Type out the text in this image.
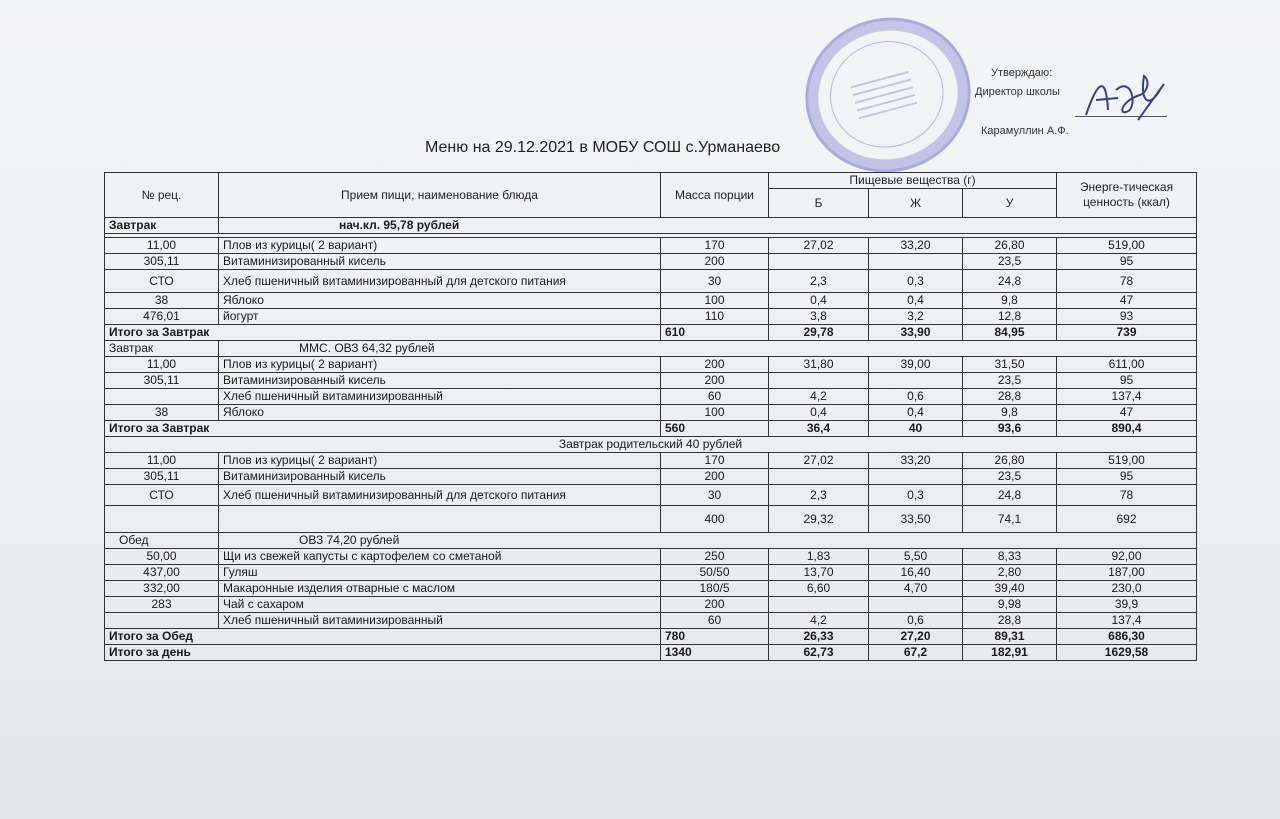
Утверждаю:
Директор школы
Карамуллин А.Ф.
Меню на 29.12.2021 в МОБУ СОШ с.Урманаево
№ рец.	Прием пищи, наименование блюда	Масса порции	Пищевые вещества (г)			Энерге-тическая ценность (ккал)
			Б	Ж	У	
Завтрак	нач.кл. 95,78 рублей					

11,00	Плов из курицы( 2 вариант)	170	27,02	33,20	26,80	519,00
305,11	Витаминизированный кисель	200			23,5	95
СТО	Хлеб пшеничный витаминизированный для детского питания	30	2,3	0,3	24,8	78
38	Яблоко	100	0,4	0,4	9,8	47
476,01	йогурт	110	3,8	3,2	12,8	93
Итого за Завтрак		610	29,78	33,90	84,95	739
Завтрак	ММС. ОВЗ 64,32 рублей					
11,00	Плов из курицы( 2 вариант)	200	31,80	39,00	31,50	611,00
305,11	Витаминизированный кисель	200			23,5	95
	Хлеб пшеничный витаминизированный	60	4,2	0,6	28,8	137,4
38	Яблоко	100	0,4	0,4	9,8	47
Итого за Завтрак		560	36,4	40	93,6	890,4
Завтрак родительский 40 рублей						
11,00	Плов из курицы( 2 вариант)	170	27,02	33,20	26,80	519,00
305,11	Витаминизированный кисель	200			23,5	95
СТО	Хлеб пшеничный витаминизированный для детского питания	30	2,3	0,3	24,8	78
		400	29,32	33,50	74,1	692
Обед	ОВЗ 74,20 рублей					
50,00	Щи из свежей капусты с картофелем со сметаной	250	1,83	5,50	8,33	92,00
437,00	Гуляш	50/50	13,70	16,40	2,80	187,00
332,00	Макаронные изделия отварные с маслом	180/5	6,60	4,70	39,40	230,0
283	Чай с сахаром	200			9,98	39,9
	Хлеб пшеничный витаминизированный	60	4,2	0,6	28,8	137,4
Итого за Обед		780	26,33	27,20	89,31	686,30
Итого за день		1340	62,73	67,2	182,91	1629,58
